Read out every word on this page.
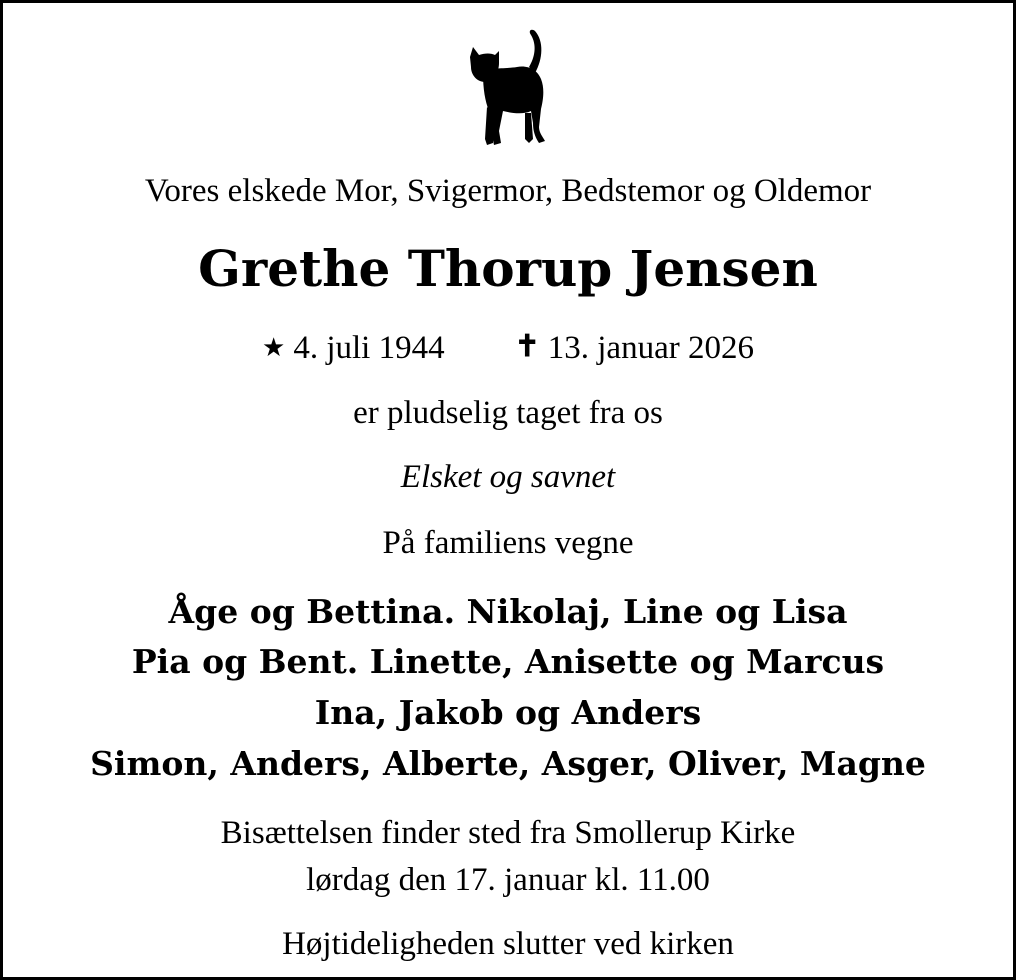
Vores elskede Mor, Svigermor, Bedstemor og Oldemor
Grethe Thorup Jensen
★ 4. juli 1944 ✝ 13. januar 2026
er pludselig taget fra os
Elsket og savnet
På familiens vegne
Åge og Bettina. Nikolaj, Line og Lisa
Pia og Bent. Linette, Anisette og Marcus
Ina, Jakob og Anders
Simon, Anders, Alberte, Asger, Oliver, Magne
Bisættelsen finder sted fra Smollerup Kirke
lørdag den 17. januar kl. 11.00
Højtideligheden slutter ved kirken
